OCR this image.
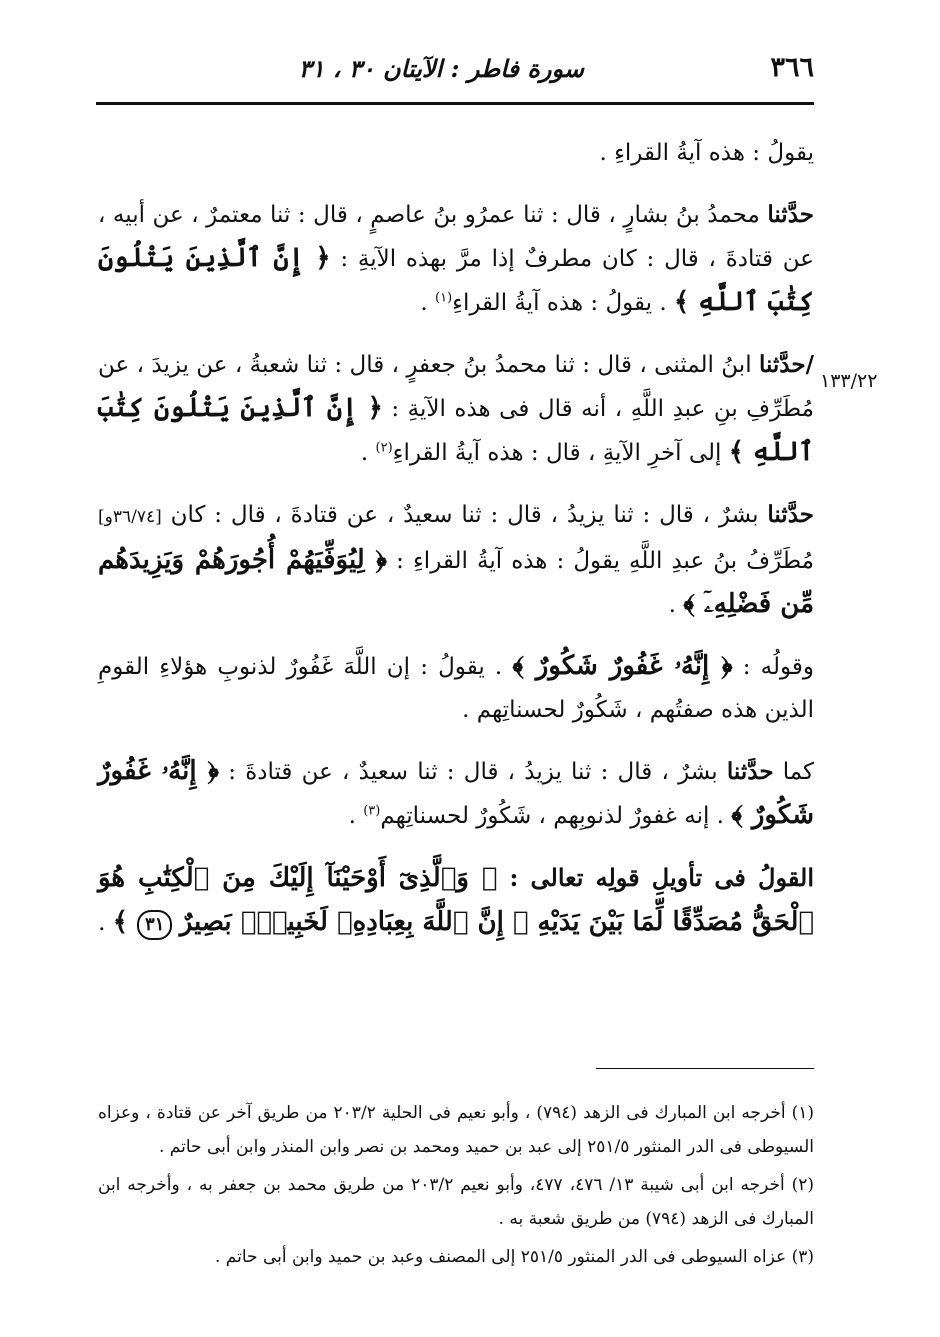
٣٦٦
سورة فاطر : الآيتان ٣٠ ، ٣١
١٣٣/٢٢

يقولُ : هذه آيةُ القراءِ .

حدَّثنا محمدُ بنُ بشارٍ ، قال : ثنا عمرُو بنُ عاصمٍ ، قال : ثنا معتمرٌ ، عن أبيه ، عن قتادةَ ، قال : كان مطرفٌ إذا مرَّ بهذه الآيةِ : ﴿ إِنَّ ٱلَّذِينَ يَتْلُونَ كِتَٰبَ ٱللَّهِ ﴾ . يقولُ : هذه آيةُ القراءِ$^{(١)}$ .

/حدَّثنا ابنُ المثنى ، قال : ثنا محمدُ بنُ جعفرٍ ، قال : ثنا شعبةُ ، عن يزيدَ ، عن مُطَرِّفِ بنِ عبدِ اللَّهِ ، أنه قال فى هذه الآيةِ : ﴿ إِنَّ ٱلَّذِينَ يَتْلُونَ كِتَٰبَ ٱللَّهِ ﴾ إلى آخرِ الآيةِ ، قال : هذه آيةُ القراءِ$^{(٢)}$ .

حدَّثنا بشرٌ ، قال : ثنا يزيدُ ، قال : ثنا سعيدٌ ، عن قتادةَ ، قال : كان [٣٦/٧٤و] مُطَرِّفُ بنُ عبدِ اللَّهِ يقولُ : هذه آيةُ القراءِ : ﴿ لِيُوَفِّيَهُمْ أُجُورَهُمْ وَيَزِيدَهُم مِّن فَضْلِهِۦٓ ﴾ .

وقولُه : ﴿ إِنَّهُۥ غَفُورٌ شَكُورٌ ﴾ . يقولُ : إن اللَّهَ غَفُورٌ لذنوبِ هؤلاءِ القومِ الذين هذه صفتُهم ، شَكُورٌ لحسناتِهم .

كما حدَّثنا بشرٌ ، قال : ثنا يزيدُ ، قال : ثنا سعيدٌ ، عن قتادةَ : ﴿ إِنَّهُۥ غَفُورٌ شَكُورٌ ﴾ . إنه غفورٌ لذنوبِهم ، شَكُورٌ لحسناتِهم$^{(٣)}$ .

القولُ فى تأويلِ قولِه تعالى : ﴿ وَٱلَّذِىٓ أَوْحَيْنَآ إِلَيْكَ مِنَ ٱلْكِتَٰبِ هُوَ ٱلْحَقُّ مُصَدِّقًا لِّمَا بَيْنَ يَدَيْهِ ۗ إِنَّ ٱللَّهَ بِعِبَادِهِۦ لَخَبِيرٌۢ بَصِيرٌ ٣١ ﴾ .

(١) أخرجه ابن المبارك فى الزهد (٧٩٤) ، وأبو نعيم فى الحلية ٢٠٣/٢ من طريق آخر عن قتادة ، وعزاه السيوطى فى الدر المنثور ٢٥١/٥ إلى عبد بن حميد ومحمد بن نصر وابن المنذر وابن أبى حاتم .

(٢) أخرجه ابن أبى شيبة ١٣/ ٤٧٦، ٤٧٧، وأبو نعيم ٢٠٣/٢ من طريق محمد بن جعفر به ، وأخرجه ابن المبارك فى الزهد (٧٩٤) من طريق شعبة به .

(٣) عزاه السيوطى فى الدر المنثور ٢٥١/٥ إلى المصنف وعبد بن حميد وابن أبى حاتم .
